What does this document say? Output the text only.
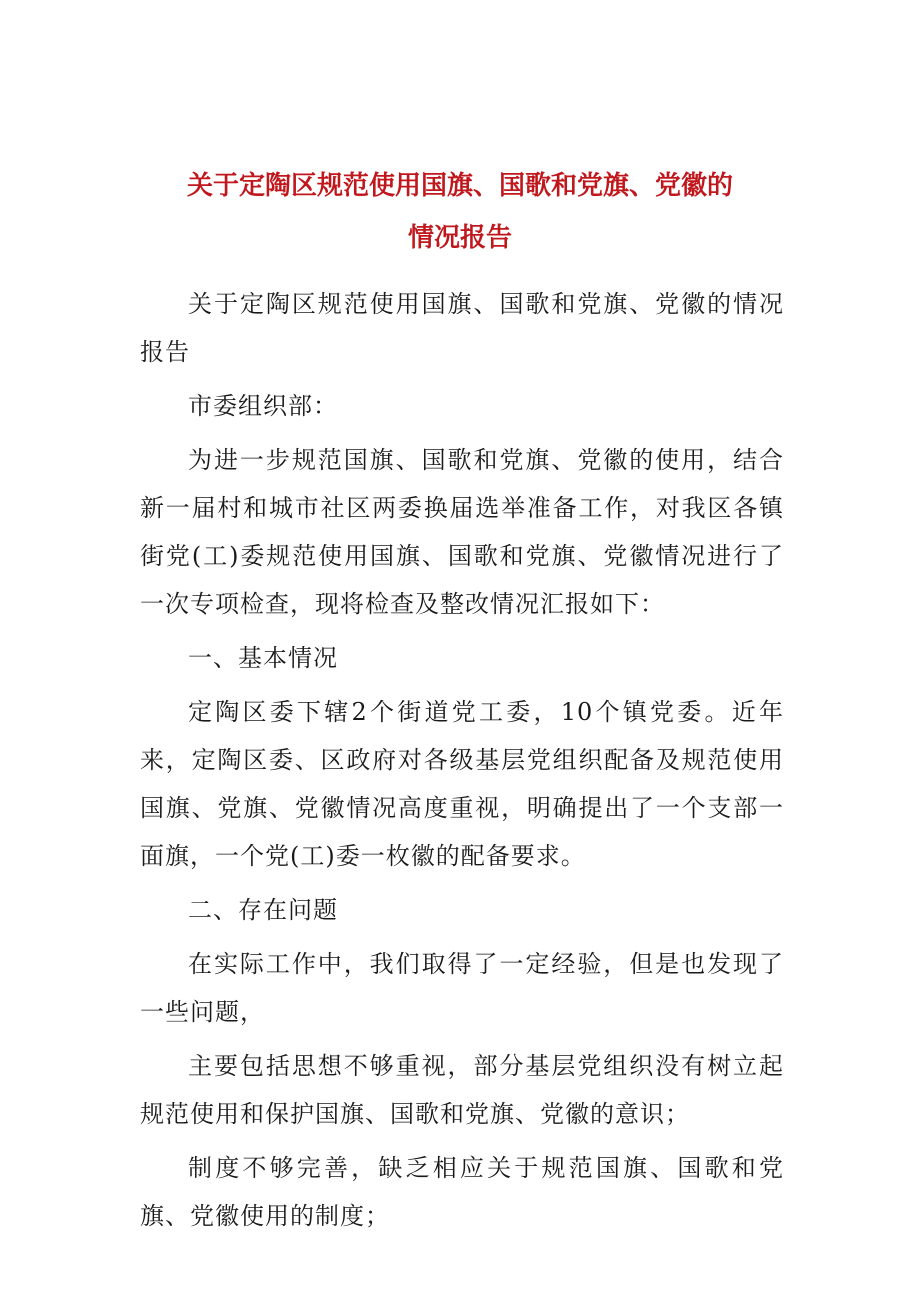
关于定陶区规范使用国旗、国歌和党旗、党徽的
情况报告

关于定陶区规范使用国旗、国歌和党旗、党徽的情况报告

市委组织部：

为进一步规范国旗、国歌和党旗、党徽的使用，结合新一届村和城市社区两委换届选举准备工作，对我区各镇街党(工)委规范使用国旗、国歌和党旗、党徽情况进行了一次专项检查，现将检查及整改情况汇报如下：

一、基本情况

定陶区委下辖2个街道党工委，10个镇党委。近年来，定陶区委、区政府对各级基层党组织配备及规范使用国旗、党旗、党徽情况高度重视，明确提出了一个支部一面旗，一个党(工)委一枚徽的配备要求。

二、存在问题

在实际工作中，我们取得了一定经验，但是也发现了一些问题，

主要包括思想不够重视，部分基层党组织没有树立起规范使用和保护国旗、国歌和党旗、党徽的意识；

制度不够完善，缺乏相应关于规范国旗、国歌和党旗、党徽使用的制度；
